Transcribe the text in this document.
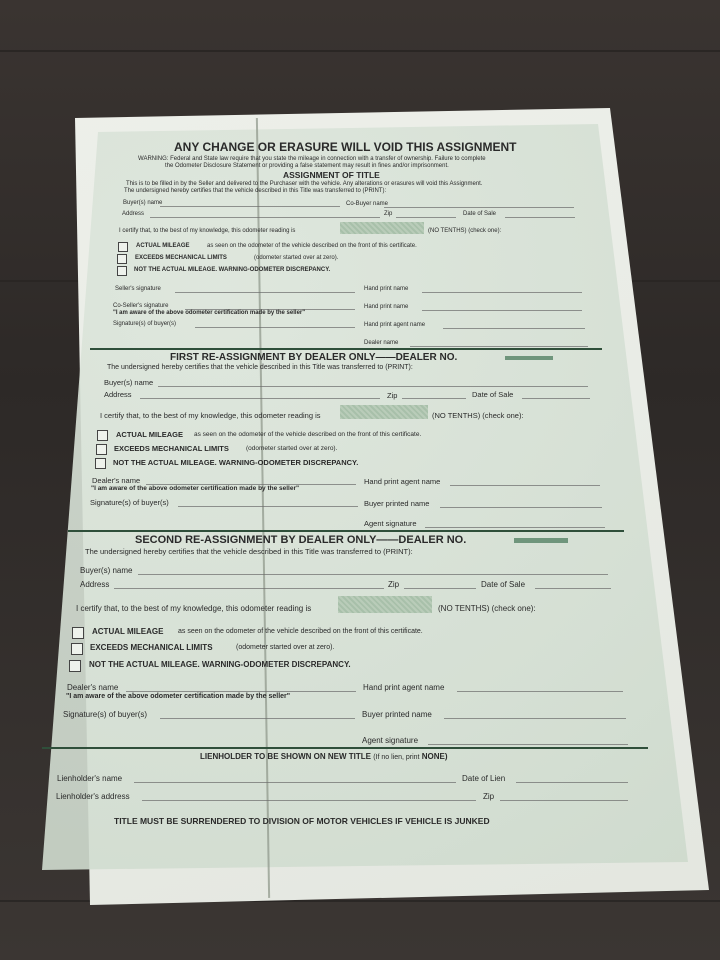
ANY CHANGE OR ERASURE WILL VOID THIS ASSIGNMENT
WARNING: Federal and State law require that you state the mileage in connection with a transfer of ownership. Failure to complete
the Odometer Disclosure Statement or providing a false statement may result in fines and/or imprisonment.
ASSIGNMENT OF TITLE
This is to be filled in by the Seller and delivered to the Purchaser with the vehicle. Any alterations or erasures will void this Assignment.
The undersigned hereby certifies that the vehicle described in this Title was transferred to (PRINT):
Buyer(s) name	Co-Buyer name
Address	Zip	Date of Sale
I certify that, to the best of my knowledge, this odometer reading is	(NO TENTHS) (check one):
ACTUAL MILEAGE	as seen on the odometer of the vehicle described on the front of this certificate.
EXCEEDS MECHANICAL LIMITS	(odometer started over at zero).
NOT THE ACTUAL MILEAGE. WARNING-ODOMETER DISCREPANCY.
Seller's signature	Hand print name
Co-Seller's signature	Hand print name
"I am aware of the above odometer certification made by the seller"
Signature(s) of buyer(s)	Hand print agent name
Dealer name
FIRST RE-ASSIGNMENT BY DEALER ONLY——DEALER NO.
The undersigned hereby certifies that the vehicle described in this Title was transferred to (PRINT):
Buyer(s) name
Address	Zip	Date of Sale
I certify that, to the best of my knowledge, this odometer reading is	(NO TENTHS) (check one):
ACTUAL MILEAGE as seen on the odometer of the vehicle described on the front of this certificate.
EXCEEDS MECHANICAL LIMITS	(odometer started over at zero).
NOT THE ACTUAL MILEAGE. WARNING-ODOMETER DISCREPANCY.
Dealer's name	Hand print agent name
"I am aware of the above odometer certification made by the seller"
Signature(s) of buyer(s)	Buyer printed name
Agent signature
SECOND RE-ASSIGNMENT BY DEALER ONLY——DEALER NO.
The undersigned hereby certifies that the vehicle described in this Title was transferred to (PRINT):
Buyer(s) name
Address	Zip	Date of Sale
I certify that, to the best of my knowledge, this odometer reading is	(NO TENTHS) (check one):
ACTUAL MILEAGE as seen on the odometer of the vehicle described on the front of this certificate.
EXCEEDS MECHANICAL LIMITS	(odometer started over at zero).
NOT THE ACTUAL MILEAGE. WARNING-ODOMETER DISCREPANCY.
Dealer's name	Hand print agent name
"I am aware of the above odometer certification made by the seller"
Signature(s) of buyer(s)	Buyer printed name
Agent signature
LIENHOLDER TO BE SHOWN ON NEW TITLE (If no lien, print NONE)
Lienholder's name	Date of Lien
Lienholder's address	Zip
TITLE MUST BE SURRENDERED TO DIVISION OF MOTOR VEHICLES IF VEHICLE IS JUNKED
